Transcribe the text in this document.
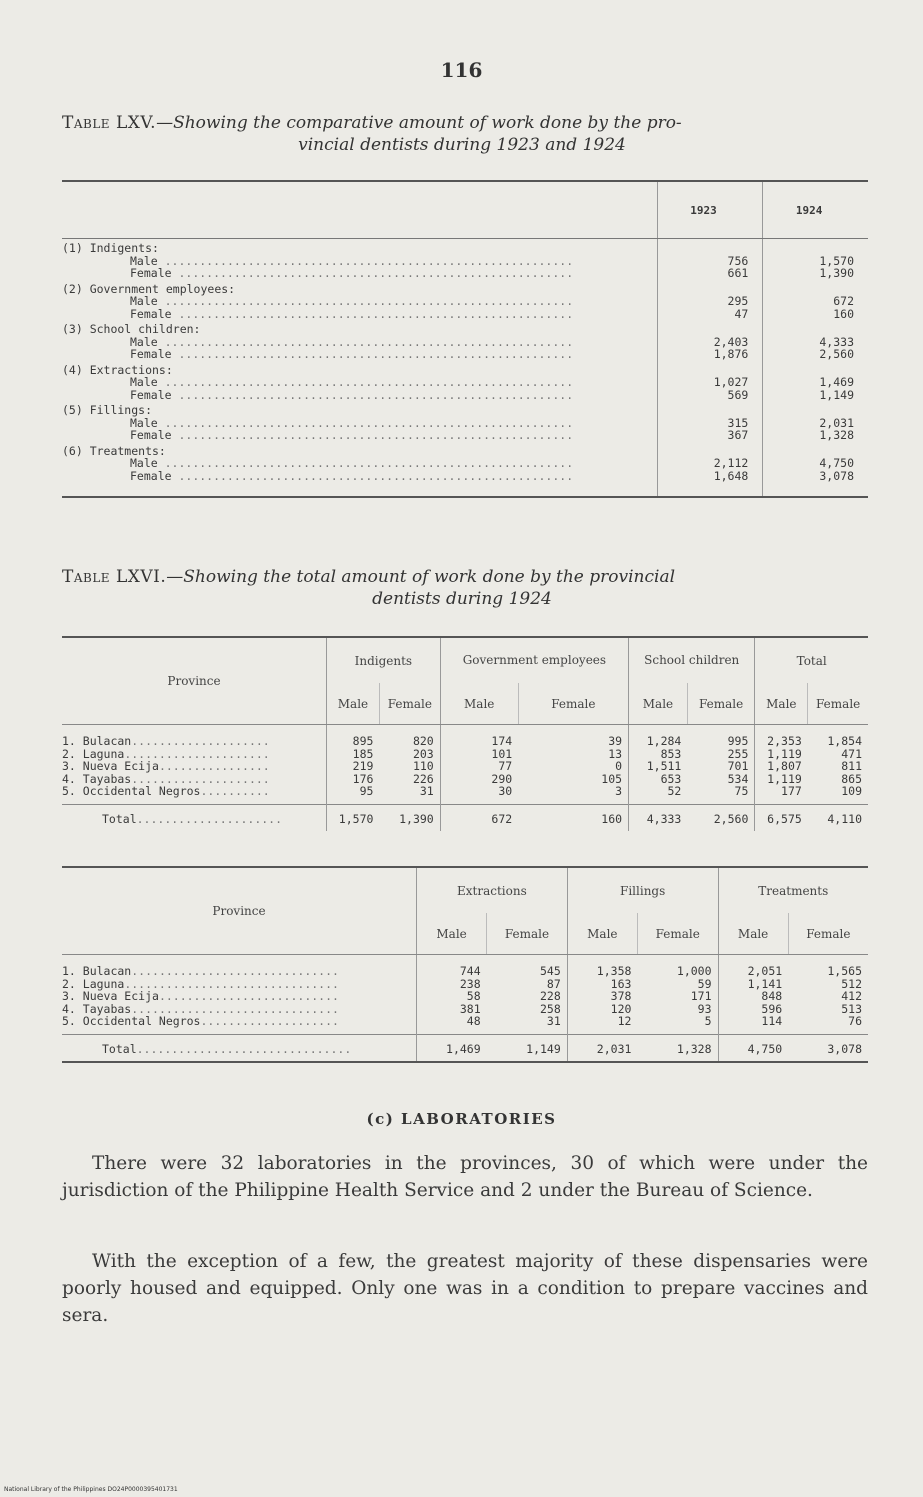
116
Table LXV.—Showing the comparative amount of work done by the pro-
vincial dentists during 1923 and 1924
	1923	1924
(1) Indigents:		
Male ...........................................................	756	1,570
Female .........................................................	661	1,390
(2) Government employees:		
Male ...........................................................	295	672
Female .........................................................	47	160
(3) School children:		
Male ...........................................................	2,403	4,333
Female .........................................................	1,876	2,560
(4) Extractions:		
Male ...........................................................	1,027	1,469
Female .........................................................	569	1,149
(5) Fillings:		
Male ...........................................................	315	2,031
Female .........................................................	367	1,328
(6) Treatments:		
Male ...........................................................	2,112	4,750
Female .........................................................	1,648	3,078

Table LXVI.—Showing the total amount of work done by the provincial
dentists during 1924
Province	Indigents		Government employees		School children		Total	
	Male	Female	Male	Female	Male	Female	Male	Female
1. Bulacan....................	895	820	174	39	1,284	995	2,353	1,854
2. Laguna.....................	185	203	101	13	853	255	1,119	471
3. Nueva Ecija................	219	110	77	0	1,511	701	1,807	811
4. Tayabas....................	176	226	290	105	653	534	1,119	865
5. Occidental Negros..........	95	31	30	3	52	75	177	109
Total.....................	1,570	1,390	672	160	4,333	2,560	6,575	4,110
Province	Extractions		Fillings		Treatments	
	Male	Female	Male	Female	Male	Female
1. Bulacan..............................	744	545	1,358	1,000	2,051	1,565
2. Laguna...............................	238	87	163	59	1,141	512
3. Nueva Ecija..........................	58	228	378	171	848	412
4. Tayabas..............................	381	258	120	93	596	513
5. Occidental Negros....................	48	31	12	5	114	76
Total...............................	1,469	1,149	2,031	1,328	4,750	3,078
(c) LABORATORIES

There were 32 laboratories in the provinces, 30 of which were under the jurisdiction of the Philippine Health Service and 2 under the Bureau of Science.

With the exception of a few, the greatest majority of these dispensaries were poorly housed and equipped. Only one was in a condition to prepare vaccines and sera.

National Library of the Philippines DO24P0000395401731
